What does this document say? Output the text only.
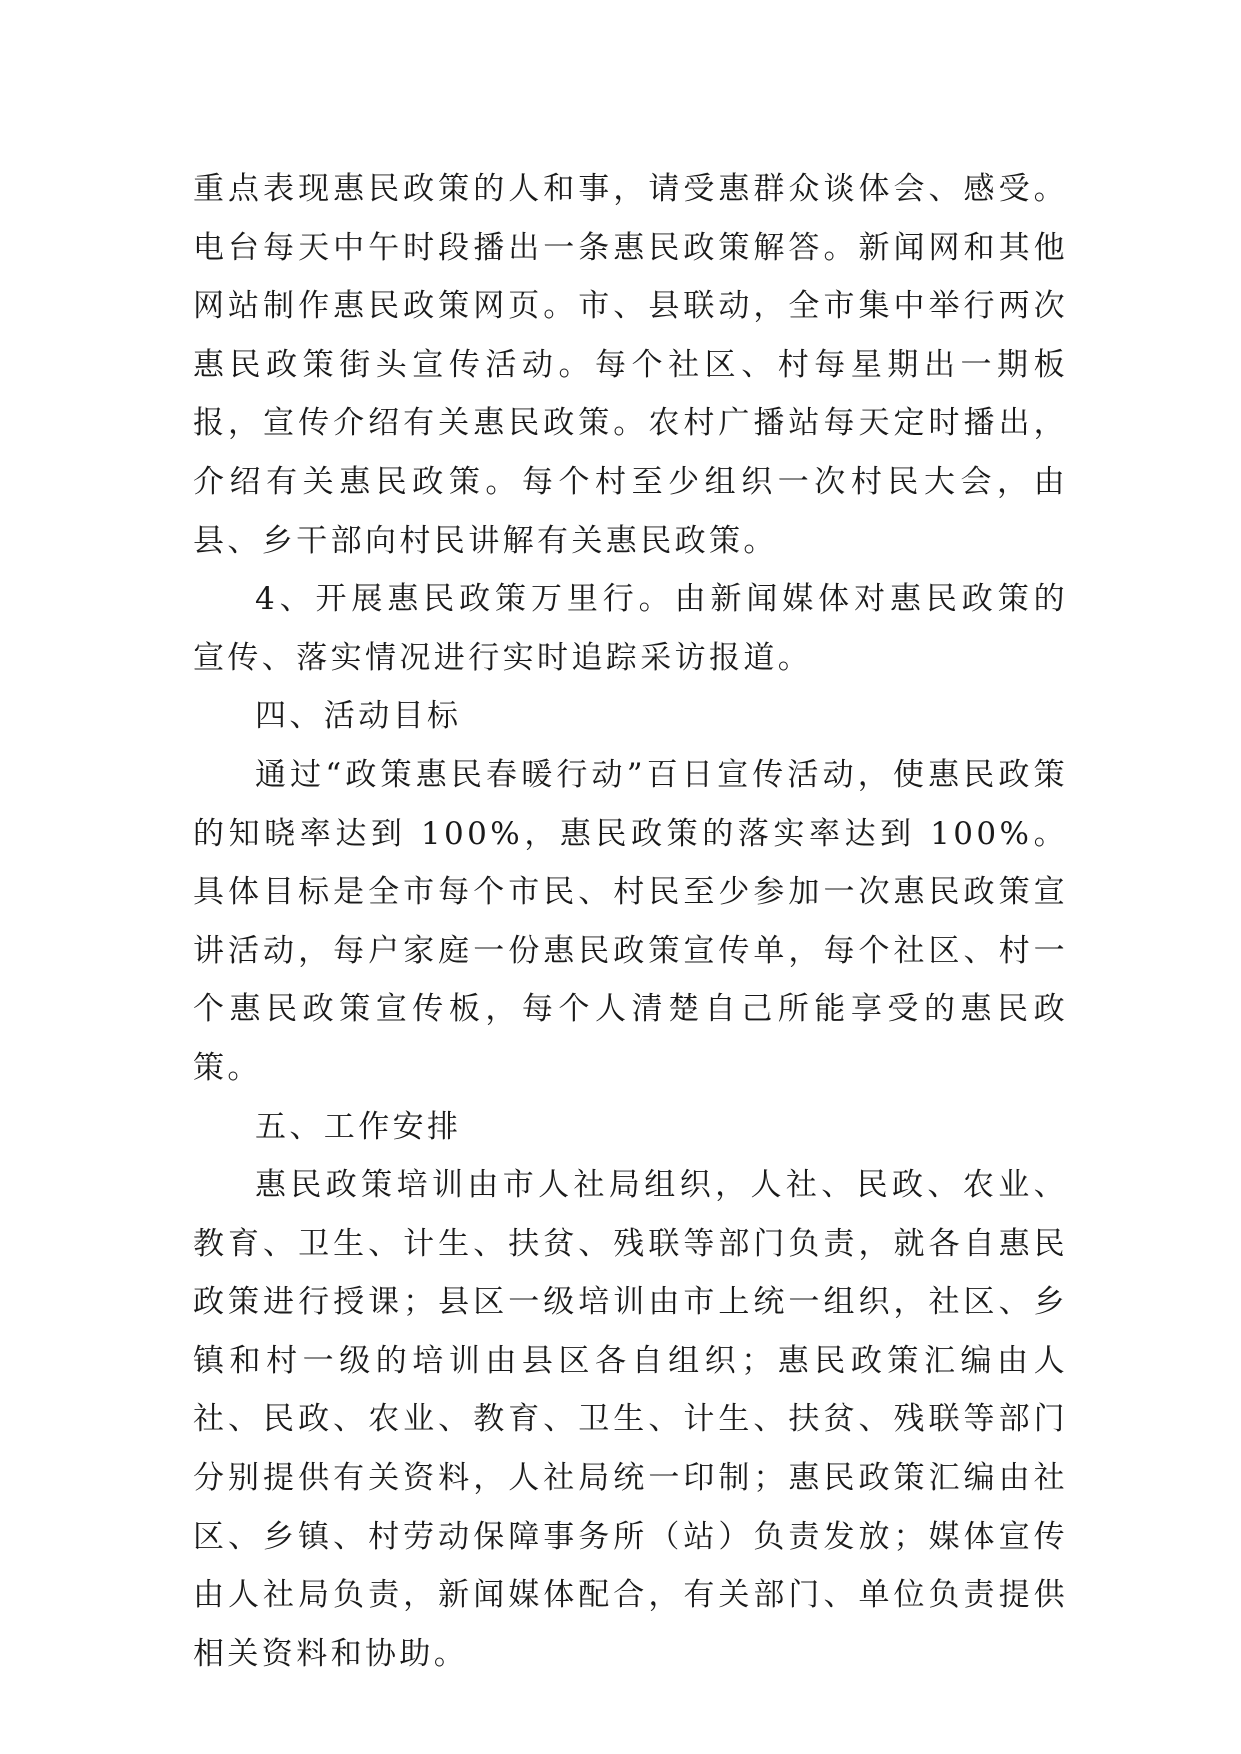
重点表现惠民政策的人和事，请受惠群众谈体会、感受。电台每天中午时段播出一条惠民政策解答。新闻网和其他网站制作惠民政策网页。市、县联动，全市集中举行两次惠民政策街头宣传活动。每个社区、村每星期出一期板报，宣传介绍有关惠民政策。农村广播站每天定时播出，介绍有关惠民政策。每个村至少组织一次村民大会，由县、乡干部向村民讲解有关惠民政策。

4、开展惠民政策万里行。由新闻媒体对惠民政策的宣传、落实情况进行实时追踪采访报道。

四、活动目标

通过“政策惠民春暖行动”百日宣传活动，使惠民政策的知晓率达到 100%，惠民政策的落实率达到 100%。具体目标是全市每个市民、村民至少参加一次惠民政策宣讲活动，每户家庭一份惠民政策宣传单，每个社区、村一个惠民政策宣传板，每个人清楚自己所能享受的惠民政策。

五、工作安排

惠民政策培训由市人社局组织，人社、民政、农业、教育、卫生、计生、扶贫、残联等部门负责，就各自惠民政策进行授课；县区一级培训由市上统一组织，社区、乡镇和村一级的培训由县区各自组织；惠民政策汇编由人社、民政、农业、教育、卫生、计生、扶贫、残联等部门分别提供有关资料，人社局统一印制；惠民政策汇编由社区、乡镇、村劳动保障事务所（站）负责发放；媒体宣传由人社局负责，新闻媒体配合，有关部门、单位负责提供相关资料和协助。
